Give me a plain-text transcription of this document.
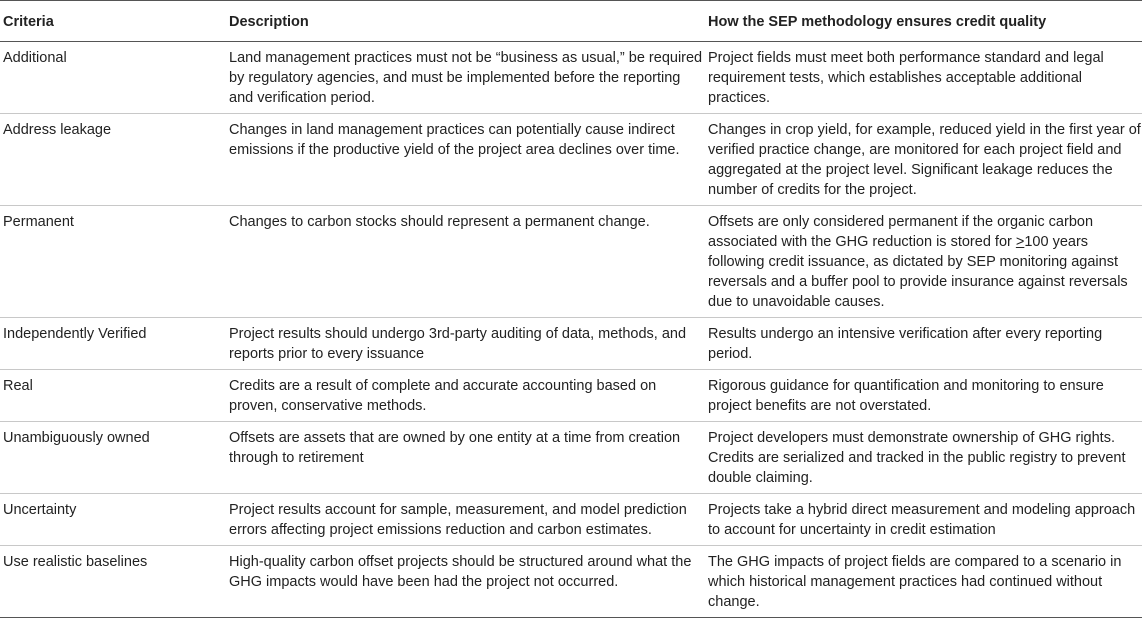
Criteria	Description	How the SEP methodology ensures credit quality
Additional	Land management practices must not be “business as usual,” be required by regulatory agencies, and must be implemented before the reporting and verification period.	Project fields must meet both performance standard and legal requirement tests, which establishes acceptable additional practices.
Address leakage	Changes in land management practices can potentially cause indirect emissions if the productive yield of the project area declines over time.	Changes in crop yield, for example, reduced yield in the first year of verified practice change, are monitored for each project field and aggregated at the project level. Significant leakage reduces the number of credits for the project.
Permanent	Changes to carbon stocks should represent a permanent change.	Offsets are only considered permanent if the organic carbon associated with the GHG reduction is stored for ≥100 years following credit issuance, as dictated by SEP monitoring against reversals and a buffer pool to provide insurance against reversals due to unavoidable causes.
Independently Verified	Project results should undergo 3rd-party auditing of data, methods, and reports prior to every issuance	Results undergo an intensive verification after every reporting period.
Real	Credits are a result of complete and accurate accounting based on proven, conservative methods.	Rigorous guidance for quantification and monitoring to ensure project benefits are not overstated.
Unambiguously owned	Offsets are assets that are owned by one entity at a time from creation through to retirement	Project developers must demonstrate ownership of GHG rights. Credits are serialized and tracked in the public registry to prevent double claiming.
Uncertainty	Project results account for sample, measurement, and model prediction errors affecting project emissions reduction and carbon estimates.	Projects take a hybrid direct measurement and modeling approach to account for uncertainty in credit estimation
Use realistic baselines	High-quality carbon offset projects should be structured around what the GHG impacts would have been had the project not occurred.	The GHG impacts of project fields are compared to a scenario in which historical management practices had continued without change.
